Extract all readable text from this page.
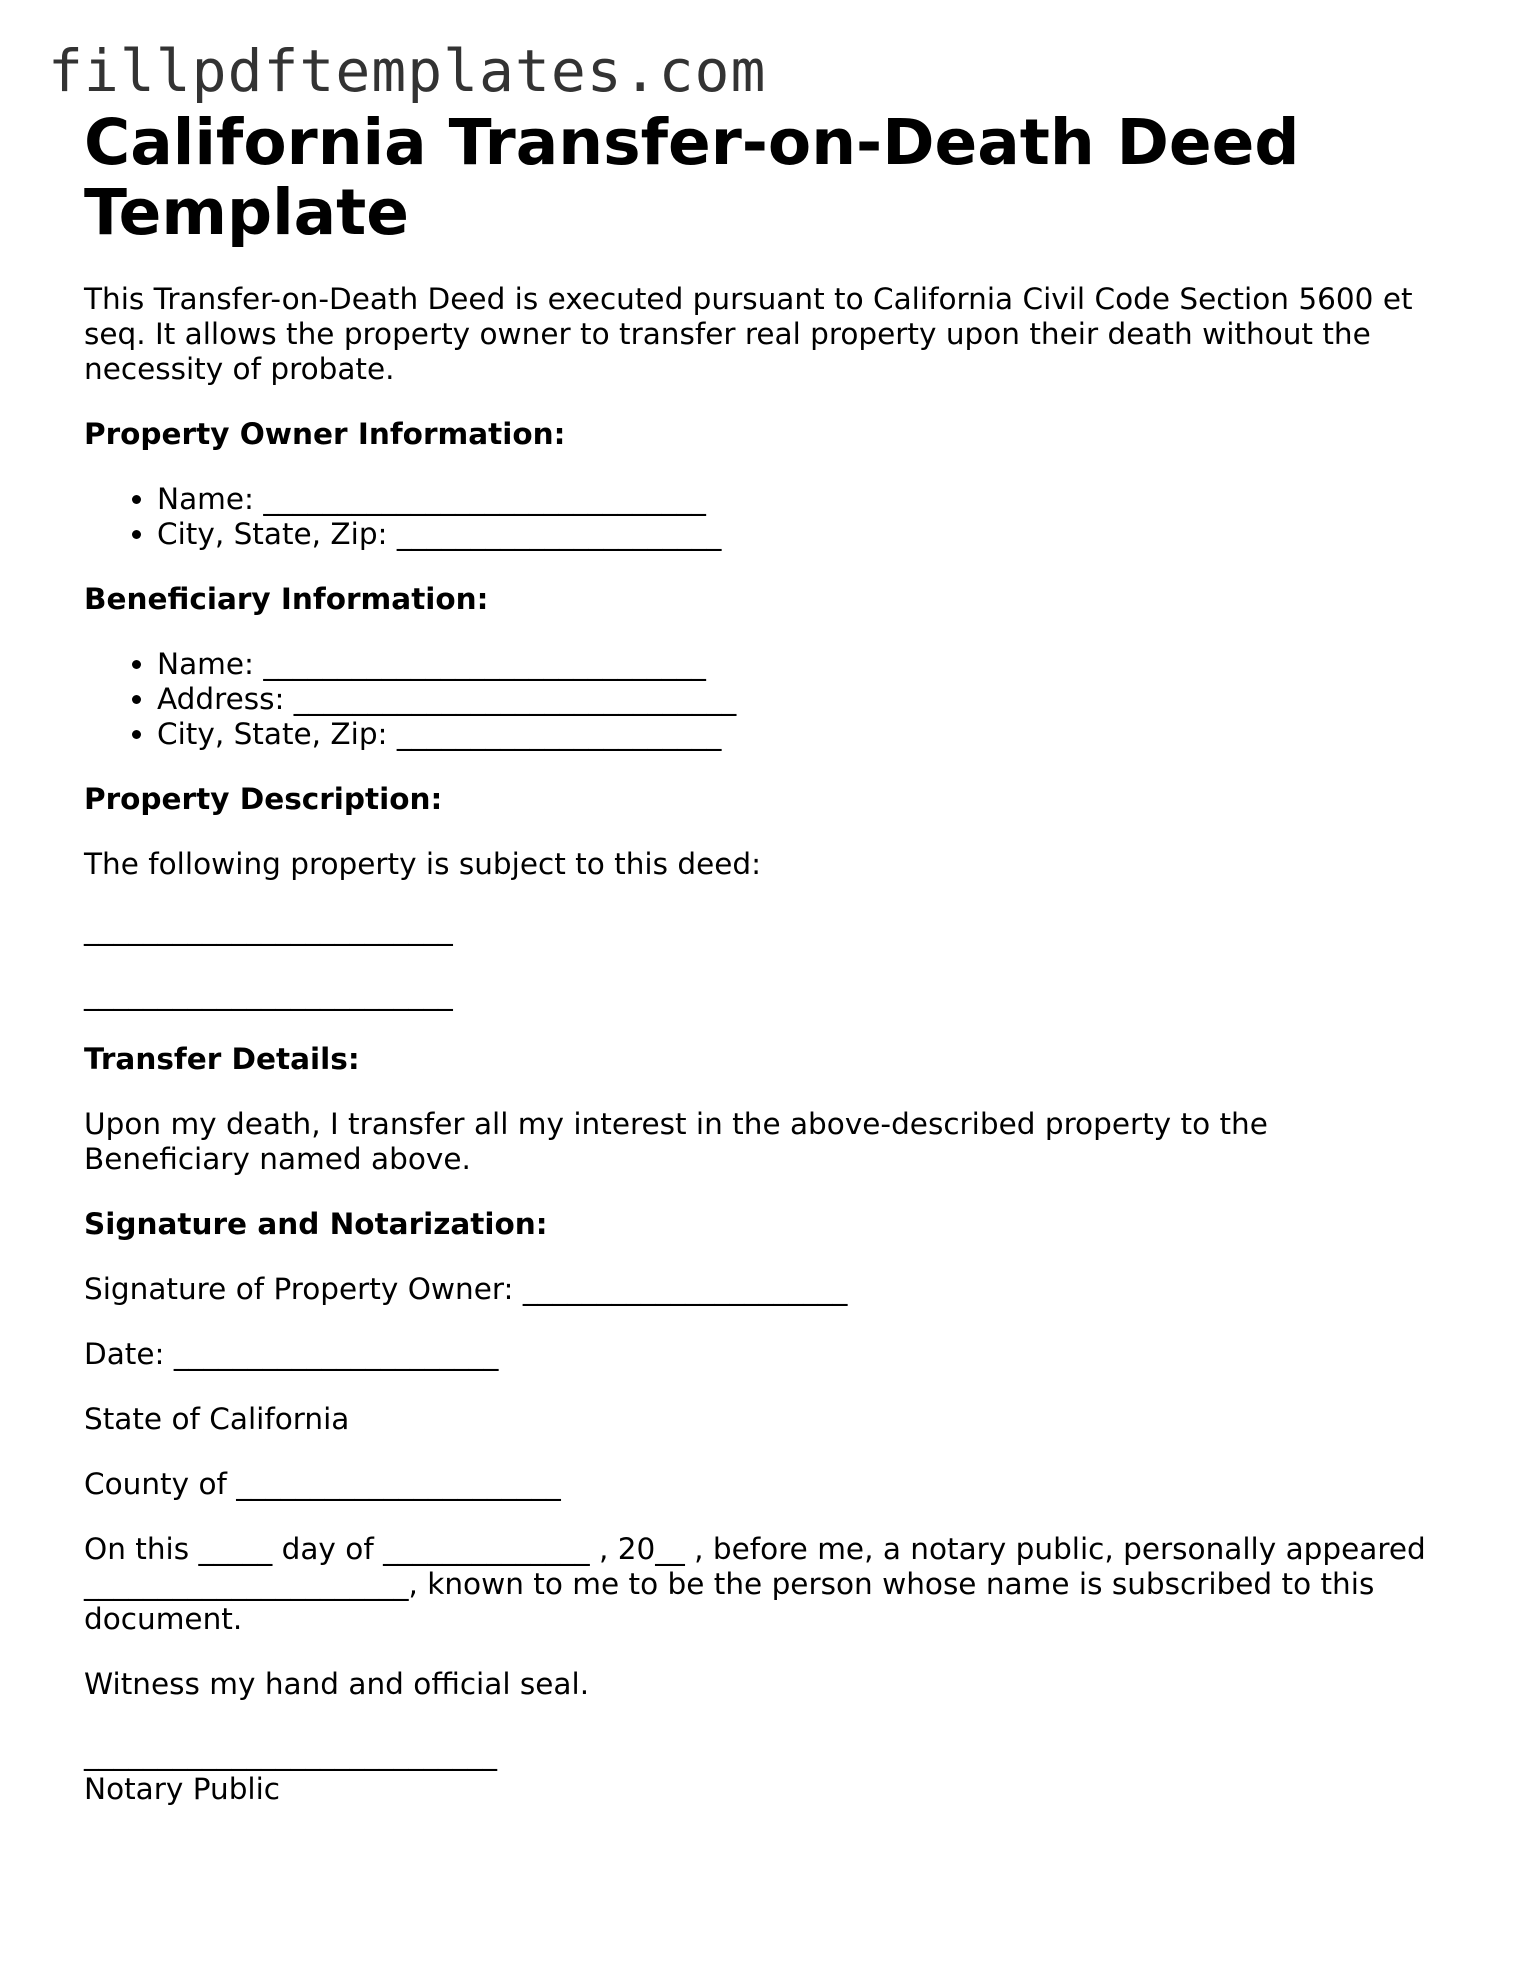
fillpdftemplates.com
California Transfer-on-Death Deed Template

This Transfer-on-Death Deed is executed pursuant to California Civil Code Section 5600 et seq. It allows the property owner to transfer real property upon their death without the necessity of probate.

Property Owner Information:

• Name: ______________________________
• City, State, Zip: ______________________

Beneficiary Information:

• Name: ______________________________
• Address: ______________________________
• City, State, Zip: ______________________

Property Description:

The following property is subject to this deed:

_________________________

_________________________

Transfer Details:

Upon my death, I transfer all my interest in the above-described property to the Beneficiary named above.

Signature and Notarization:

Signature of Property Owner: ______________________

Date: ______________________

State of California

County of ______________________

On this _____ day of ______________ , 20__ , before me, a notary public, personally appeared ______________________, known to me to be the person whose name is subscribed to this document.

Witness my hand and official seal.

____________________________

Notary Public
